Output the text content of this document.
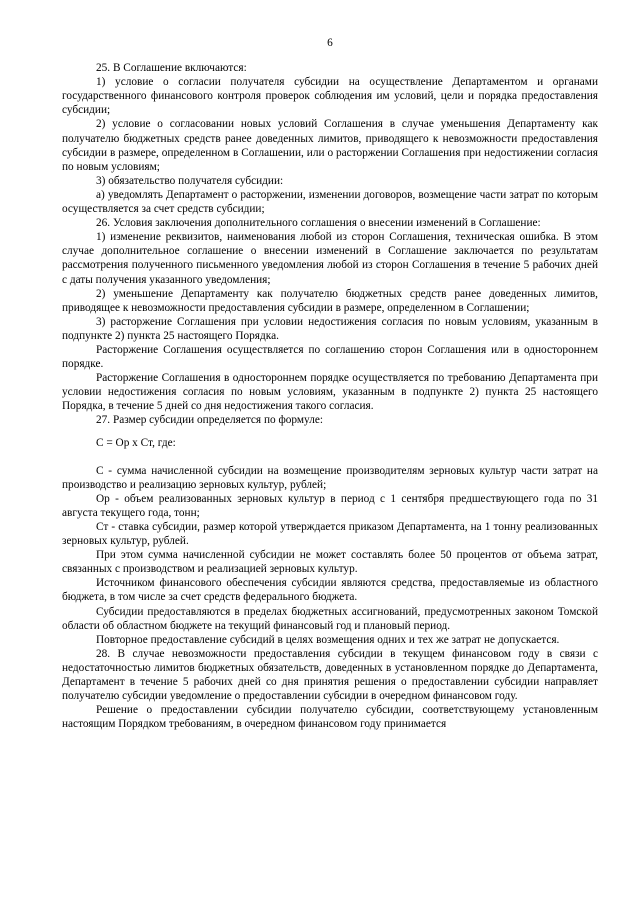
6

25. В Соглашение включаются:

1) условие о согласии получателя субсидии на осуществление Департаментом и органами государственного финансового контроля проверок соблюдения им условий, цели и порядка предоставления субсидии;

2) условие о согласовании новых условий Соглашения в случае уменьшения Департаменту как получателю бюджетных средств ранее доведенных лимитов, приводящего к невозможности предоставления субсидии в размере, определенном в Соглашении, или о расторжении Соглашения при недостижении согласия по новым условиям;

3) обязательство получателя субсидии:

а) уведомлять Департамент о расторжении, изменении договоров, возмещение части затрат по которым осуществляется за счет средств субсидии;

26. Условия заключения дополнительного соглашения о внесении изменений в Соглашение:

1) изменение реквизитов, наименования любой из сторон Соглашения, техническая ошибка. В этом случае дополнительное соглашение о внесении изменений в Соглашение заключается по результатам рассмотрения полученного письменного уведомления любой из сторон Соглашения в течение 5 рабочих дней с даты получения указанного уведомления;

2) уменьшение Департаменту как получателю бюджетных средств ранее доведенных лимитов, приводящее к невозможности предоставления субсидии в размере, определенном в Соглашении;

3) расторжение Соглашения при условии недостижения согласия по новым условиям, указанным в подпункте 2) пункта 25 настоящего Порядка.

Расторжение Соглашения осуществляется по соглашению сторон Соглашения или в одностороннем порядке.

Расторжение Соглашения в одностороннем порядке осуществляется по требованию Департамента при условии недостижения согласия по новым условиям, указанным в подпункте 2) пункта 25 настоящего Порядка, в течение 5 дней со дня недостижения такого согласия.

27. Размер субсидии определяется по формуле:

С = Ор х Ст, где:

С - сумма начисленной субсидии на возмещение производителям зерновых культур части затрат на производство и реализацию зерновых культур, рублей;

Ор - объем реализованных зерновых культур в период с 1 сентября предшествующего года по 31 августа текущего года, тонн;

Ст - ставка субсидии, размер которой утверждается приказом Департамента, на 1 тонну реализованных зерновых культур, рублей.

При этом сумма начисленной субсидии не может составлять более 50 процентов от объема затрат, связанных с производством и реализацией зерновых культур.

Источником финансового обеспечения субсидии являются средства, предоставляемые из областного бюджета, в том числе за счет средств федерального бюджета.

Субсидии предоставляются в пределах бюджетных ассигнований, предусмотренных законом Томской области об областном бюджете на текущий финансовый год и плановый период.

Повторное предоставление субсидий в целях возмещения одних и тех же затрат не допускается.

28. В случае невозможности предоставления субсидии в текущем финансовом году в связи с недостаточностью лимитов бюджетных обязательств, доведенных в установленном порядке до Департамента, Департамент в течение 5 рабочих дней со дня принятия решения о предоставлении субсидии направляет получателю субсидии уведомление о предоставлении субсидии в очередном финансовом году.

Решение о предоставлении субсидии получателю субсидии, соответствующему установленным настоящим Порядком требованиям, в очередном финансовом году принимается
